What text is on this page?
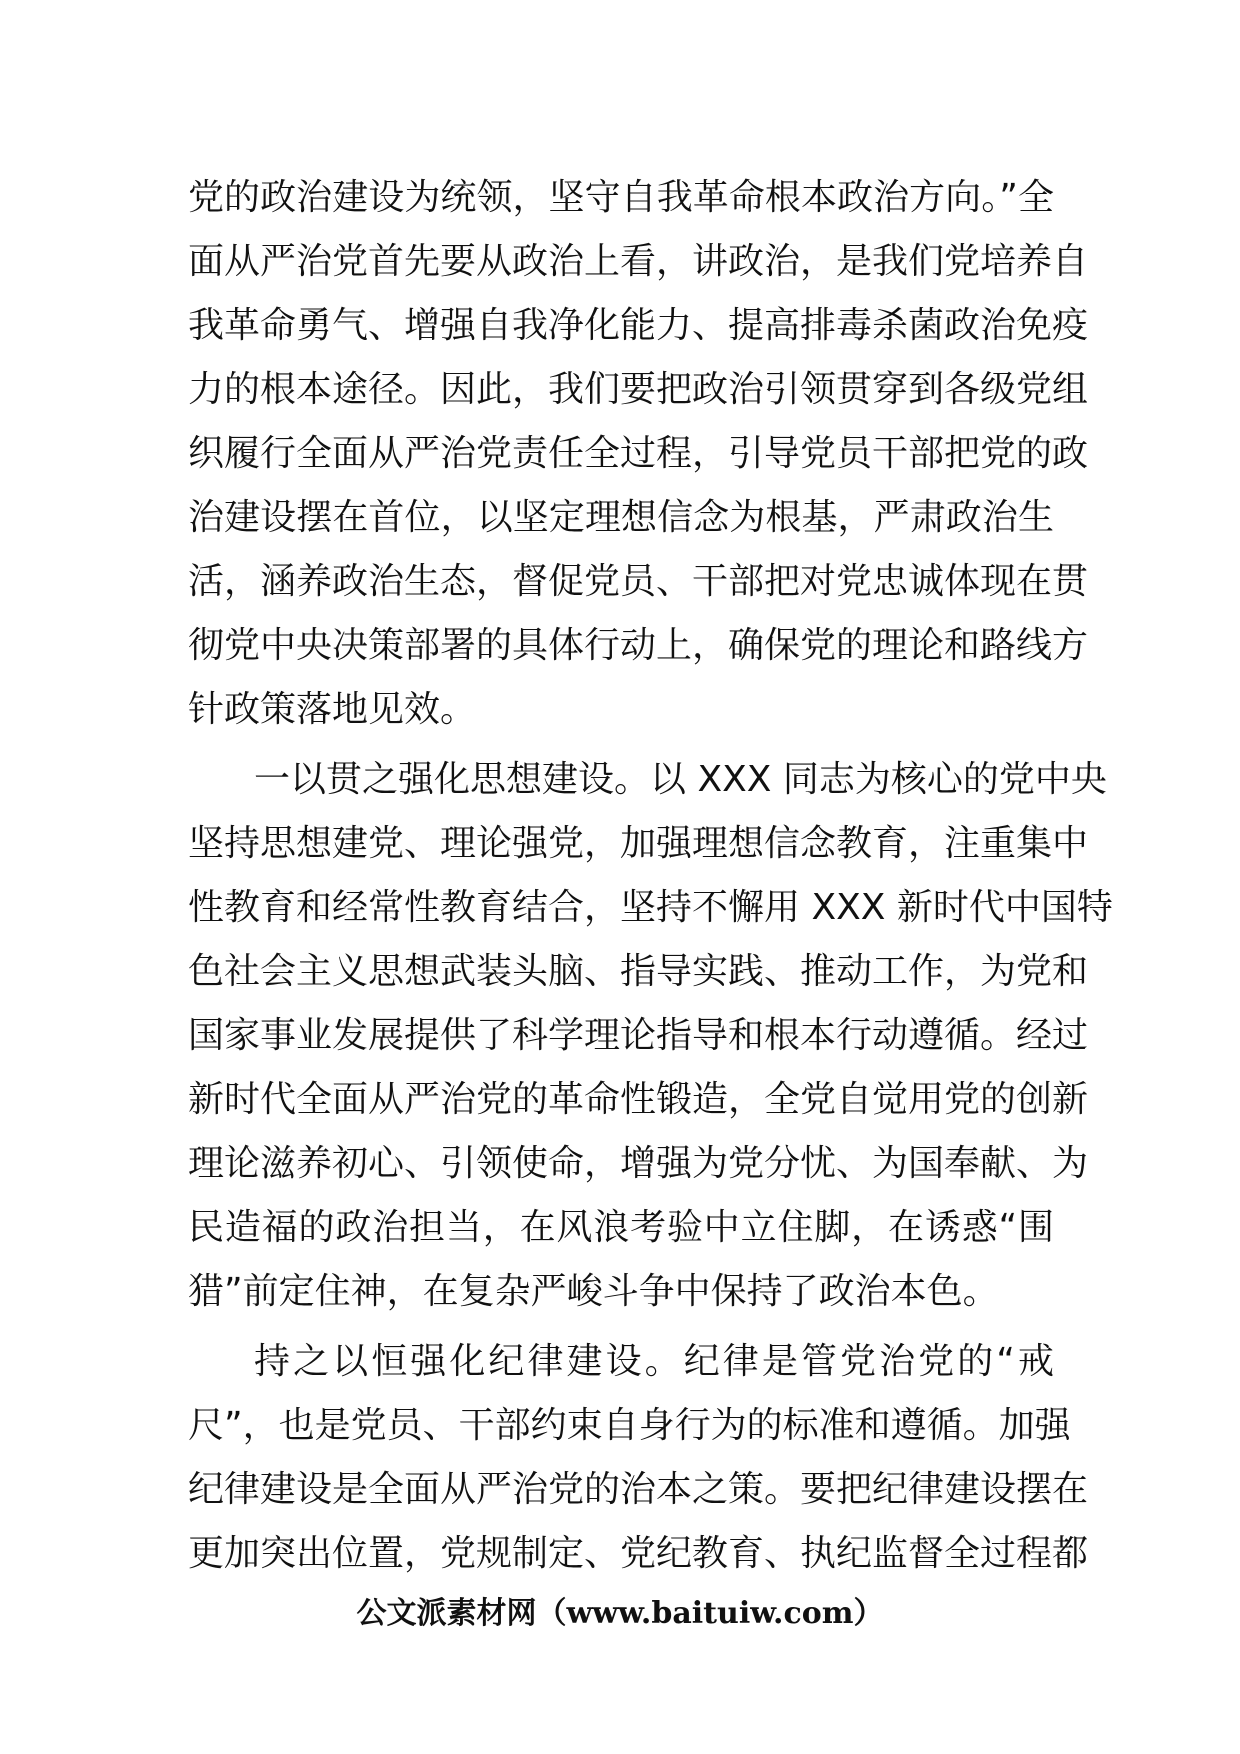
党的政治建设为统领，坚守自我革命根本政治方向。”全
面从严治党首先要从政治上看，讲政治，是我们党培养自
我革命勇气、增强自我净化能力、提高排毒杀菌政治免疫
力的根本途径。因此，我们要把政治引领贯穿到各级党组
织履行全面从严治党责任全过程，引导党员干部把党的政
治建设摆在首位，以坚定理想信念为根基，严肃政治生
活，涵养政治生态，督促党员、干部把对党忠诚体现在贯
彻党中央决策部署的具体行动上，确保党的理论和路线方
针政策落地见效。
一以贯之强化思想建设。以 XXX 同志为核心的党中央
坚持思想建党、理论强党，加强理想信念教育，注重集中
性教育和经常性教育结合，坚持不懈用 XXX 新时代中国特
色社会主义思想武装头脑、指导实践、推动工作，为党和
国家事业发展提供了科学理论指导和根本行动遵循。经过
新时代全面从严治党的革命性锻造，全党自觉用党的创新
理论滋养初心、引领使命，增强为党分忧、为国奉献、为
民造福的政治担当，在风浪考验中立住脚，在诱惑“围
猎”前定住神，在复杂严峻斗争中保持了政治本色。
持之以恒强化纪律建设。纪律是管党治党的“戒
尺”，也是党员、干部约束自身行为的标准和遵循。加强
纪律建设是全面从严治党的治本之策。要把纪律建设摆在
更加突出位置，党规制定、党纪教育、执纪监督全过程都
公文派素材网（www.baituiw.com）
